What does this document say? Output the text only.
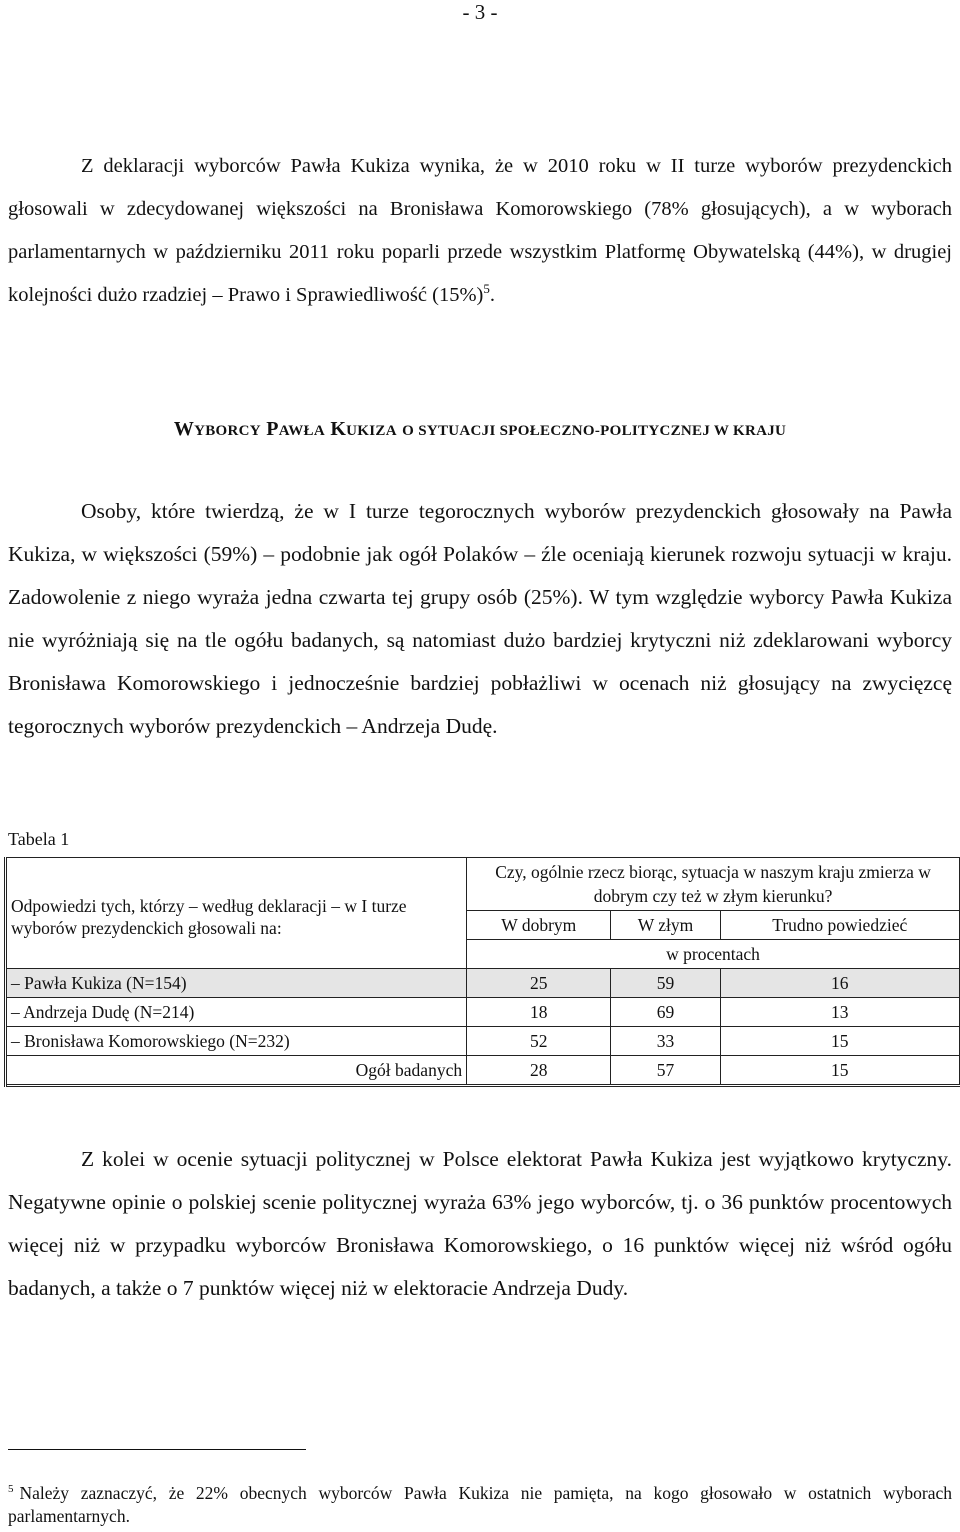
- 3 -

Z deklaracji wyborców Pawła Kukiza wynika, że w 2010 roku w II turze wyborów prezydenckich głosowali w zdecydowanej większości na Bronisława Komorowskiego (78% głosujących), a w wyborach parlamentarnych w październiku 2011 roku poparli przede wszystkim Platformę Obywatelską (44%), w drugiej kolejności dużo rzadziej – Prawo i Sprawiedliwość $(15\%)^5$.

WYBORCY PAWŁA KUKIZA O SYTUACJI SPOŁECZNO-POLITYCZNEJ W KRAJU

Osoby, które twierdzą, że w I turze tegorocznych wyborów prezydenckich głosowały na Pawła Kukiza, w większości (59%) – podobnie jak ogół Polaków – źle oceniają kierunek rozwoju sytuacji w kraju. Zadowolenie z niego wyraża jedna czwarta tej grupy osób (25%). W tym względzie wyborcy Pawła Kukiza nie wyróżniają się na tle ogółu badanych, są natomiast dużo bardziej krytyczni niż zdeklarowani wyborcy Bronisława Komorowskiego i jednocześnie bardziej pobłażliwi w ocenach niż głosujący na zwycięzcę tegorocznych wyborów prezydenckich – Andrzeja Dudę.

Tabela 1
Odpowiedzi tych, którzy – według deklaracji – w I turze wyborów prezydenckich głosowali na:	Czy, ogólnie rzecz biorąc, sytuacja w naszym kraju zmierza w dobrym czy też w złym kierunku?		
	W dobrym	W złym	Trudno powiedzieć
	w procentach		
– Pawła Kukiza (N=154)	25	59	16
– Andrzeja Dudę (N=214)	18	69	13
– Bronisława Komorowskiego (N=232)	52	33	15
Ogół badanych	28	57	15

Z kolei w ocenie sytuacji politycznej w Polsce elektorat Pawła Kukiza jest wyjątkowo krytyczny. Negatywne opinie o polskiej scenie politycznej wyraża 63% jego wyborców, tj. o 36 punktów procentowych więcej niż w przypadku wyborców Bronisława Komorowskiego, o 16 punktów więcej niż wśród ogółu badanych, a także o 7 punktów więcej niż w elektoracie Andrzeja Dudy.

$^5$ Należy zaznaczyć, że 22% obecnych wyborców Pawła Kukiza nie pamięta, na kogo głosowało w ostatnich wyborach parlamentarnych.
